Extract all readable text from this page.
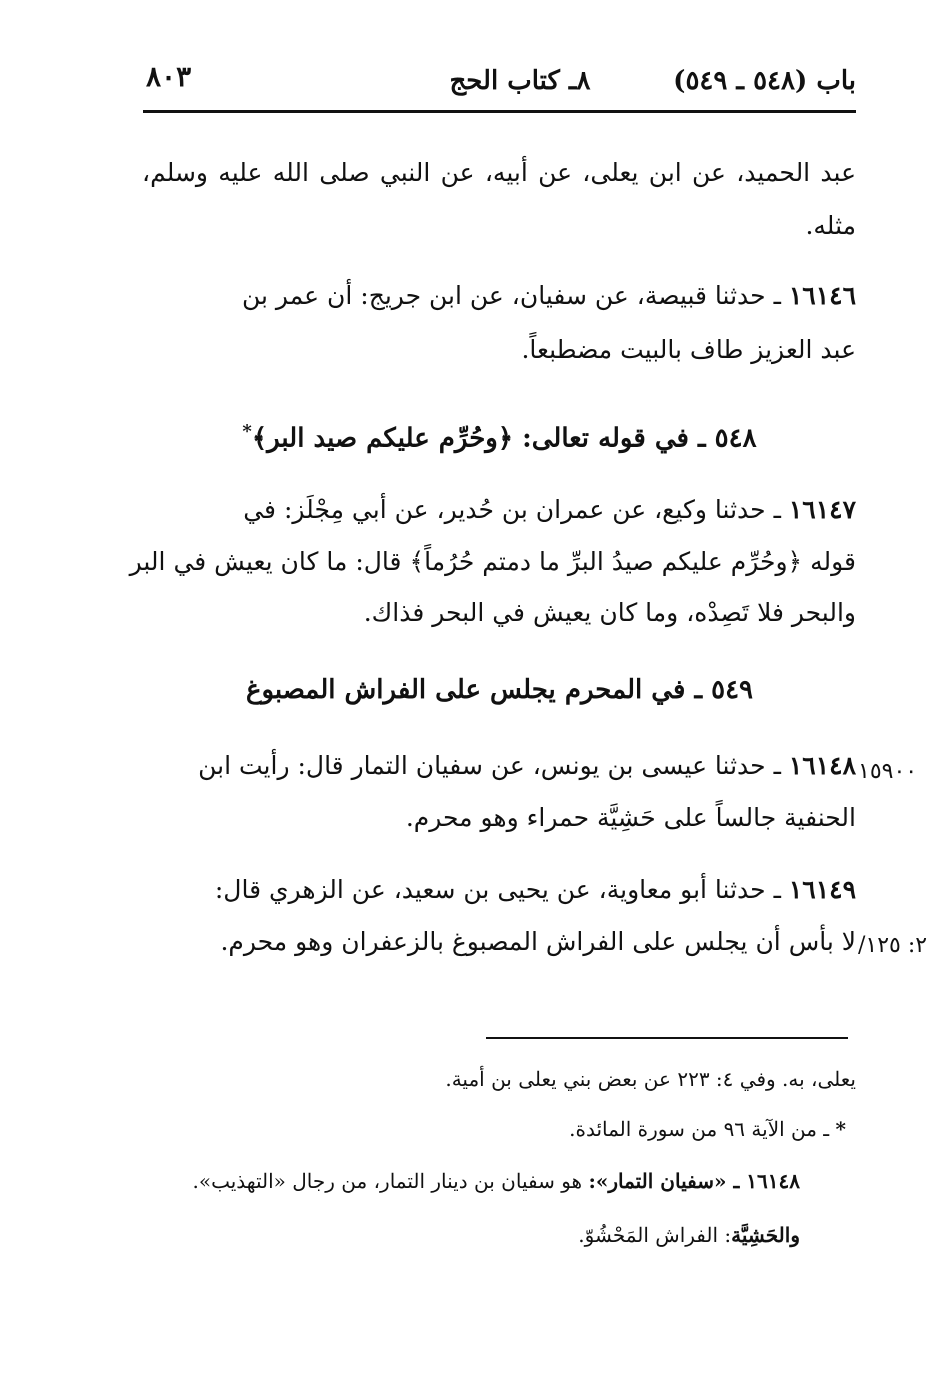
باب (٥٤٨ ـ ٥٤٩)
٨ـ كتاب الحج
٨٠٣
عبد الحميد، عن ابن يعلى، عن أبيه، عن النبي صلى الله عليه وسلم،
مثله.
١٦١٤٦ ـ حدثنا قبيصة، عن سفيان، عن ابن جريج: أن عمر بن
عبد العزيز طاف بالبيت مضطبعاً.
٥٤٨ ـ في قوله تعالى: ﴿وحُرِّم عليكم صيد البر﴾*
١٦١٤٧ ـ حدثنا وكيع، عن عمران بن حُدير، عن أبي مِجْلَز: في
قوله ﴿وحُرِّم عليكم صيدُ البرِّ ما دمتم حُرُماً﴾ قال: ما كان يعيش في البر
والبحر فلا تَصِدْه، وما كان يعيش في البحر فذاك.
٥٤٩ ـ في المحرم يجلس على الفراش المصبوغ
١٦١٤٨ ـ حدثنا عيسى بن يونس، عن سفيان التمار قال: رأيت ابن	١٥٩٠٠
الحنفية جالساً على حَشِيَّة حمراء وهو محرم.
١٦١٤٩ ـ حدثنا أبو معاوية، عن يحيى بن سعيد، عن الزهري قال:
لا بأس أن يجلس على الفراش المصبوغ بالزعفران وهو محرم. /٢: ١٢٥
يعلى، به. وفي ٤: ٢٢٣ عن بعض بني يعلى بن أمية.
* ـ من الآية ٩٦ من سورة المائدة.
١٦١٤٨ ـ «سفيان التمار»: هو سفيان بن دينار التمار، من رجال «التهذيب».
والحَشِيَّة: الفراش المَحْشُوّ.
